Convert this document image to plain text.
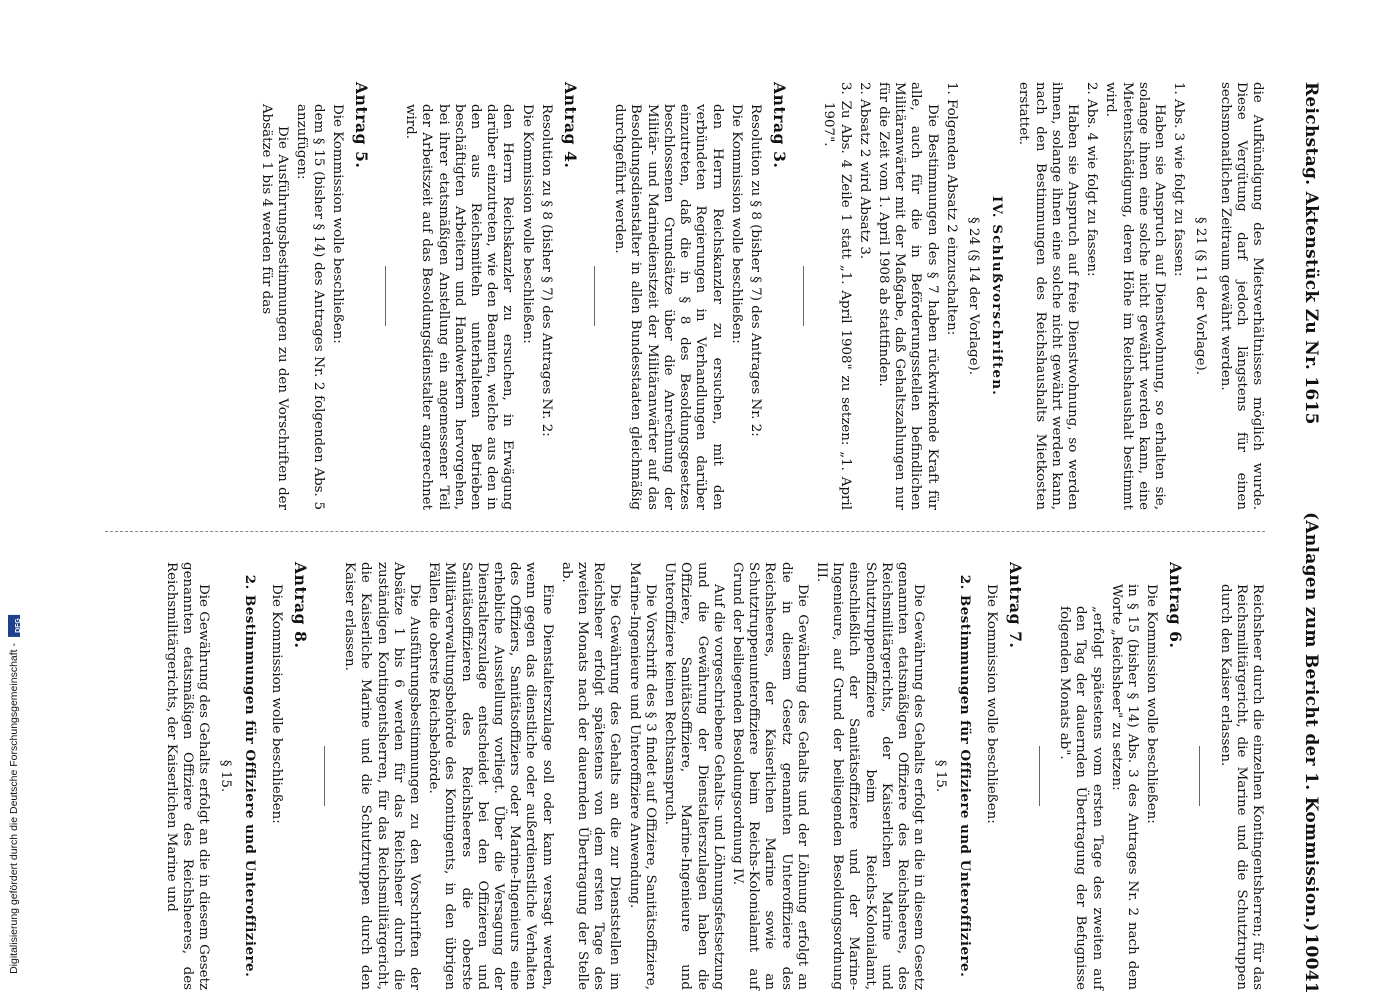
Reichstag. Aktenstück Zu Nr. 1615
(Anlagen zum Bericht der 1. Kommission.)
10041

die Aufkündigung des Mietsverhältnisses möglich wurde. Diese Vergütung darf jedoch längstens für einen sechsmonatlichen Zeitraum gewährt werden.

§ 21 (§ 11 der Vorlage).

1. Abs. 3 wie folgt zu fassen:

Haben sie Anspruch auf Dienstwohnung, so erhalten sie, solange ihnen eine solche nicht gewährt werden kann, eine Mietentschädigung, deren Höhe im Reichshaushalt bestimmt wird.

2. Abs. 4 wie folgt zu fassen:

Haben sie Anspruch auf freie Dienstwohnung, so werden ihnen, solange ihnen eine solche nicht gewährt werden kann, nach den Bestimmungen des Reichshaushalts Mietkosten erstattet.

IV. Schlußvorschriften.

§ 24 (§ 14 der Vorlage).

1. Folgenden Absatz 2 einzuschalten:

Die Bestimmungen des § 7 haben rückwirkende Kraft für alle, auch für die in Beförderungsstellen befindlichen Militäranwärter mit der Maßgabe, daß Gehaltszahlungen nur für die Zeit vom 1. April 1908 ab stattfinden.

2. Absatz 2 wird Absatz 3.

3. Zu Abs. 4 Zeile 1 statt „1. April 1908" zu setzen: „1. April 1907".

Antrag 3.

Resolution zu § 8 (bisher § 7) des Antrages Nr. 2:

Die Kommission wolle beschließen:

den Herrn Reichskanzler zu ersuchen, mit den verbündeten Regierungen in Verhandlungen darüber einzutreten, daß die in § 8 des Besoldungsgesetzes beschlossenen Grundsätze über die Anrechnung der Militär- und Marinedienstzeit der Militäranwärter auf das Besoldungsdienstalter in allen Bundesstaaten gleichmäßig durchgeführt werden.

Antrag 4.

Resolution zu § 8 (bisher § 7) des Antrages Nr. 2:

Die Kommission wolle beschließen:

den Herrn Reichskanzler zu ersuchen, in Erwägung darüber einzutreten, wie den Beamten, welche aus den in den aus Reichsmitteln unterhaltenen Betrieben beschäftigten Arbeitern und Handwerkern hervorgehen, bei ihrer etatsmäßigen Anstellung ein angemessener Teil der Arbeitszeit auf das Besoldungsdienstalter angerechnet wird.

Antrag 5.

Die Kommission wolle beschließen:

dem § 15 (bisher § 14) des Antrages Nr. 2 folgenden Abs. 5 anzufügen:

Die Ausführungsbestimmungen zu den Vorschriften der Absätze 1 bis 4 werden für das

Reichsheer durch die einzelnen Kontingentsherren; für das Reichsmilitärgericht, die Marine und die Schutztruppen durch den Kaiser erlassen.

Antrag 6.

Die Kommission wolle beschließen:

in § 15 (bisher § 14) Abs. 3 des Antrages Nr. 2 nach dem Worte „Reichsheer" zu setzen:

„erfolgt spätestens vom ersten Tage des zweiten auf den Tag der dauernden Übertragung der Befugnisse folgenden Monats ab".

Antrag 7.

Die Kommission wolle beschließen:

2. Bestimmungen für Offiziere und Unteroffiziere.

§ 15.

Die Gewährung des Gehalts erfolgt an die in diesem Gesetz genannten etatsmäßigen Offiziere des Reichsheeres, des Reichsmilitärgerichts, der Kaiserlichen Marine und Schutztruppenoffiziere beim Reichs-Kolonialamt, einschließlich der Sanitätsoffiziere und der Marine-Ingenieure, auf Grund der beiliegenden Besoldungsordnung III.

Die Gewährung des Gehalts und der Löhnung erfolgt an die in diesem Gesetz genannten Unteroffiziere des Reichsheeres, der Kaiserlichen Marine sowie an Schutztruppenunteroffiziere beim Reichs-Kolonialamt auf Grund der beiliegenden Besoldungsordnung IV.

Auf die vorgeschriebene Gehalts- und Löhnungsfestsetzung und die Gewährung der Dienstalterszulagen haben die Offiziere, Sanitätsoffiziere, Marine-Ingenieure und Unteroffiziere keinen Rechtsanspruch.

Die Vorschrift des § 3 findet auf Offiziere, Sanitätsoffiziere, Marine-Ingenieure und Unteroffiziere Anwendung.

Die Gewährung des Gehalts an die zur Dienststellen im Reichsheer erfolgt spätestens von dem ersten Tage des zweiten Monats nach der dauernden Übertragung der Stelle ab.

Eine Dienstalterszulage soll oder kann versagt werden, wenn gegen das dienstliche oder außerdienstliche Verhalten des Offiziers, Sanitätsoffiziers oder Marine-Ingenieurs eine erhebliche Ausstellung vorliegt. Über die Versagung der Dienstalterszulage entscheidet bei den Offizieren und Sanitätsoffizieren des Reichsheeres die oberste Militärverwaltungsbehörde des Kontingents, in den übrigen Fällen die oberste Reichsbehörde.

Die Ausführungsbestimmungen zu den Vorschriften der Absätze 1 bis 6 werden für das Reichsheer durch die zuständigen Kontingentsherren, für das Reichsmilitärgericht, die Kaiserliche Marine und die Schutztruppen durch den Kaiser erlassen.

Antrag 8.

Die Kommission wolle beschließen:

2. Bestimmungen für Offiziere und Unteroffiziere.

§ 15.

Die Gewährung des Gehalts erfolgt an die in diesem Gesetz genannten etatsmäßigen Offiziere des Reichsheeres, des Reichsmilitärgerichts, der Kaiserlichen Marine und

Digitalisierung gefördert durch die Deutsche Forschungsgemeinschaft -
DFG
